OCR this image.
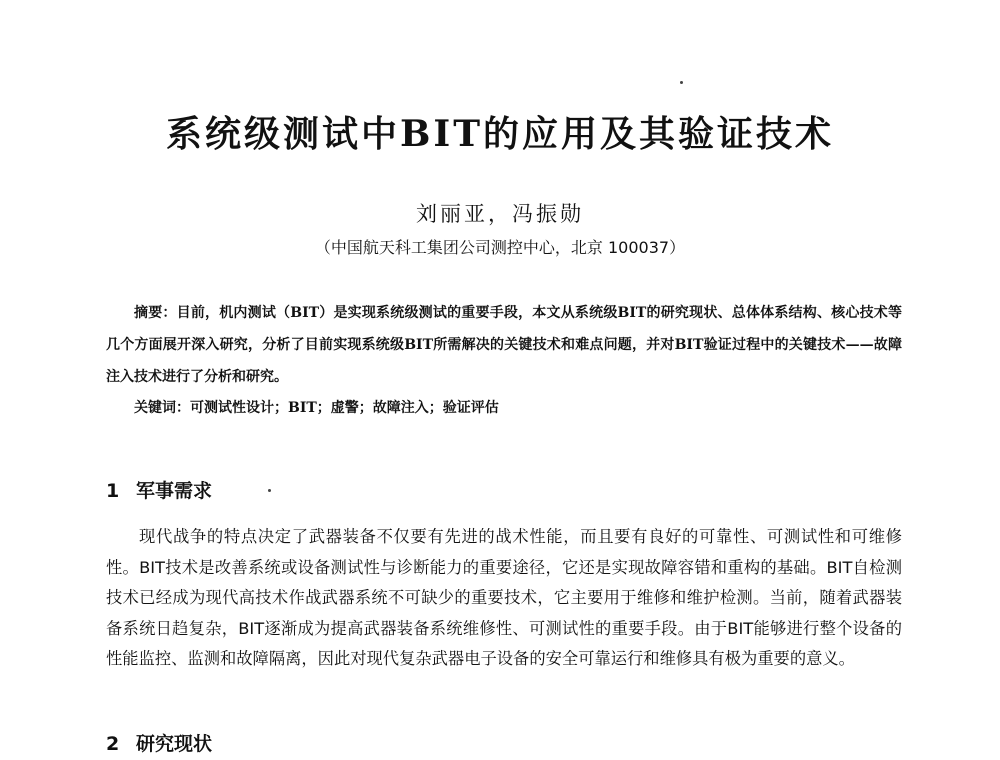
系统级测试中BIT的应用及其验证技术

刘丽亚，冯振勋

（中国航天科工集团公司测控中心，北京 100037）

摘要：目前，机内测试（BIT）是实现系统级测试的重要手段，本文从系统级BIT的研究现状、总体体系结构、核心技术等几个方面展开深入研究，分析了目前实现系统级BIT所需解决的关键技术和难点问题，并对BIT验证过程中的关键技术——故障注入技术进行了分析和研究。

关键词：可测试性设计；BIT；虚警；故障注入；验证评估

1 军事需求

现代战争的特点决定了武器装备不仅要有先进的战术性能，而且要有良好的可靠性、可测试性和可维修性。BIT技术是改善系统或设备测试性与诊断能力的重要途径，它还是实现故障容错和重构的基础。BIT自检测技术已经成为现代高技术作战武器系统不可缺少的重要技术，它主要用于维修和维护检测。当前，随着武器装备系统日趋复杂，BIT逐渐成为提高武器装备系统维修性、可测试性的重要手段。由于BIT能够进行整个设备的性能监控、监测和故障隔离，因此对现代复杂武器电子设备的安全可靠运行和维修具有极为重要的意义。

2 研究现状
